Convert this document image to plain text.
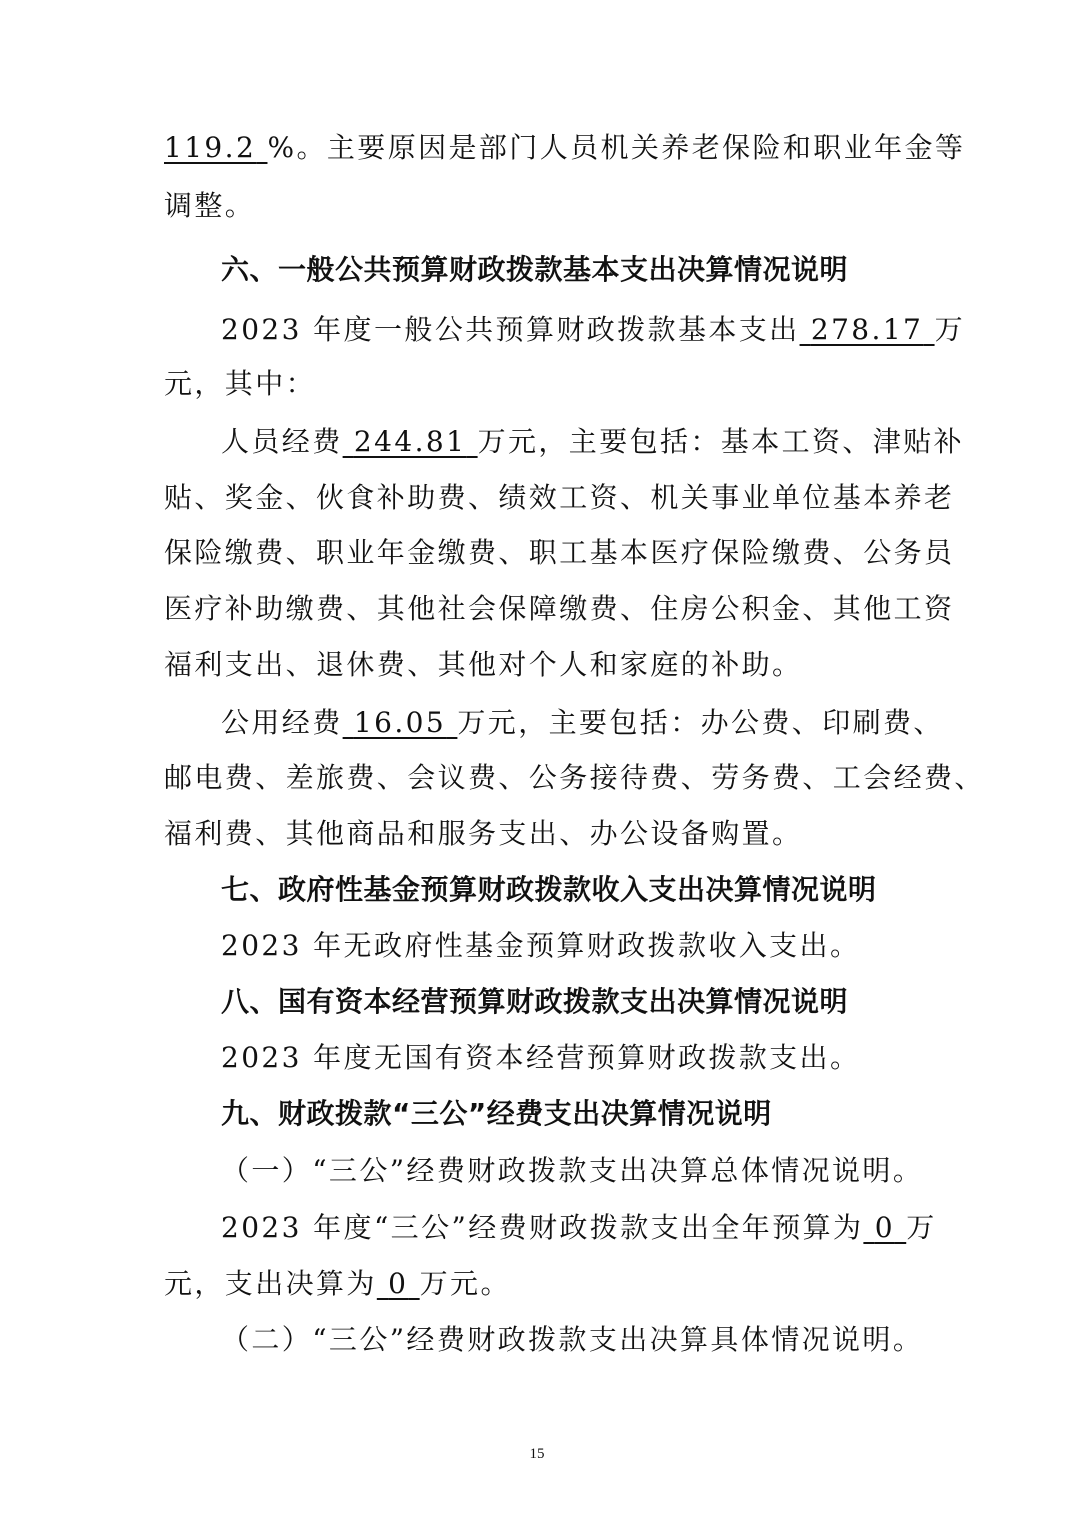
119.2 %。主要原因是部门人员机关养老保险和职业年金等
调整。
六、一般公共预算财政拨款基本支出决算情况说明
2023 年度一般公共预算财政拨款基本支出 278.17 万
元，其中：
人员经费 244.81 万元，主要包括：基本工资、津贴补
贴、奖金、伙食补助费、绩效工资、机关事业单位基本养老
保险缴费、职业年金缴费、职工基本医疗保险缴费、公务员
医疗补助缴费、其他社会保障缴费、住房公积金、其他工资
福利支出、退休费、其他对个人和家庭的补助。
公用经费 16.05 万元，主要包括：办公费、印刷费、
邮电费、差旅费、会议费、公务接待费、劳务费、工会经费、
福利费、其他商品和服务支出、办公设备购置。
七、政府性基金预算财政拨款收入支出决算情况说明
2023 年无政府性基金预算财政拨款收入支出。
八、国有资本经营预算财政拨款支出决算情况说明
2023 年度无国有资本经营预算财政拨款支出。
九、财政拨款“三公”经费支出决算情况说明
（一）“三公”经费财政拨款支出决算总体情况说明。
2023 年度“三公”经费财政拨款支出全年预算为 0 万
元，支出决算为 0 万元。
（二）“三公”经费财政拨款支出决算具体情况说明。
15
